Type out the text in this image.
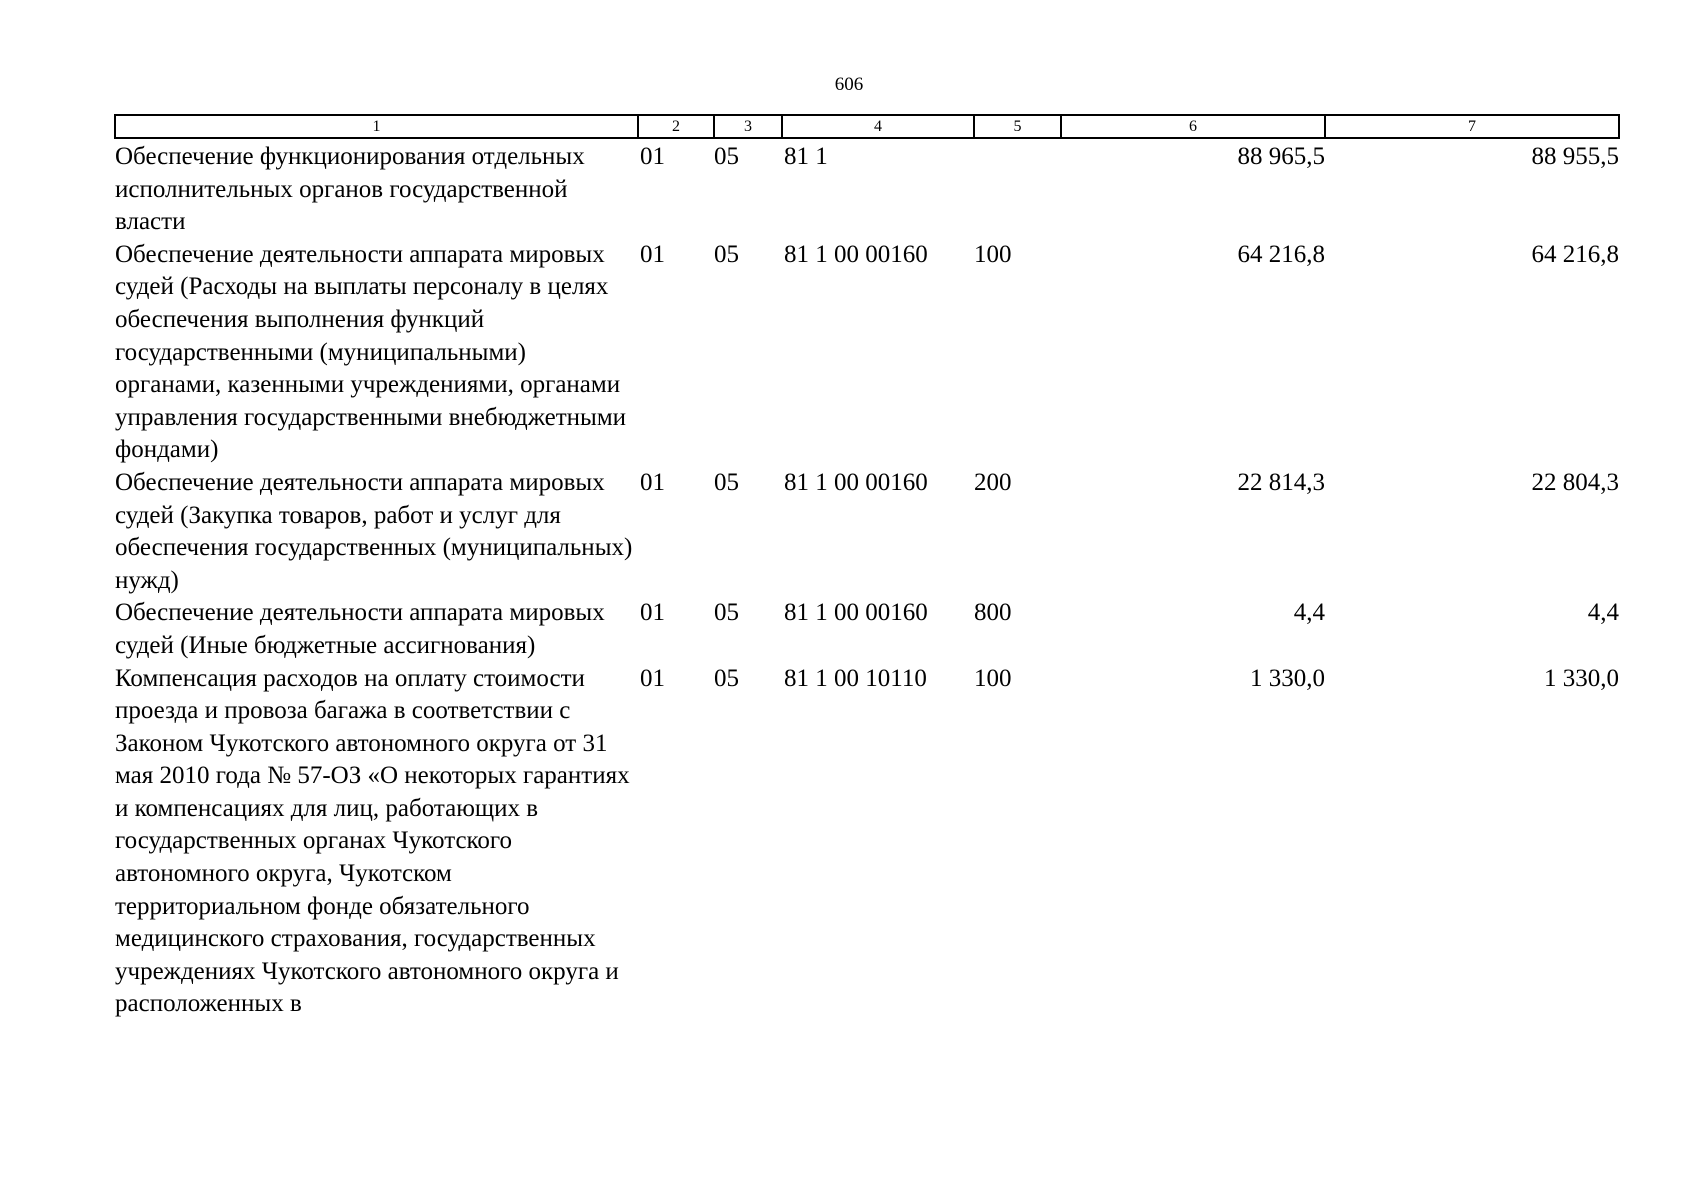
606
1	2	3	4	5	6	7
Обеспечение функционирования отдельных исполнительных органов государственной власти	01	05	81 1		88 965,5	88 955,5
Обеспечение деятельности аппарата мировых судей (Расходы на выплаты персоналу в целях обеспечения выполнения функций государственными (муниципальными) органами, казенными учреждениями, органами управления государственными внебюджетными фондами)	01	05	81 1 00 00160	100	64 216,8	64 216,8
Обеспечение деятельности аппарата мировых судей (Закупка товаров, работ и услуг для обеспечения государственных (муниципальных) нужд)	01	05	81 1 00 00160	200	22 814,3	22 804,3
Обеспечение деятельности аппарата мировых судей (Иные бюджетные ассигнования)	01	05	81 1 00 00160	800	4,4	4,4
Компенсация расходов на оплату стоимости проезда и провоза багажа в соответствии с Законом Чукотского автономного округа от 31 мая 2010 года № 57-ОЗ «О некоторых гарантиях и компенсациях для лиц, работающих в государственных органах Чукотского автономного округа, Чукотском территориальном фонде обязательного медицинского страхования, государственных учреждениях Чукотского автономного округа и расположенных в	01	05	81 1 00 10110	100	1 330,0	1 330,0
